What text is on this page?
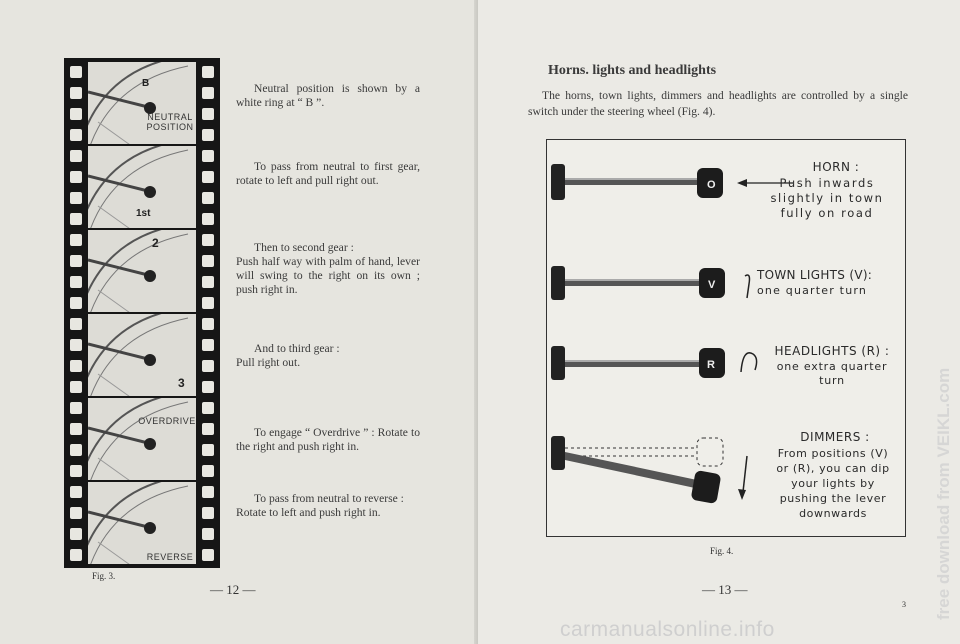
NEUTRAL
POSITION
B
1st
2
3
OVERDRIVE
REVERSE
Fig. 3.

Neutral position is shown by a white ring at “ B ”.

To pass from neutral to first gear, rotate to left and pull right out.

Then to second gear :
Push half way with palm of hand, lever will swing to the right on its own ; push right in.

And to third gear :
Pull right out.

To engage “ Overdrive ” : Rotate to the right and push right in.

To pass from neutral to reverse :
Rotate to left and push right in.

— 12 —
Horns. lights and headlights
The horns, town lights, dimmers and headlights are controlled by a single switch under the steering wheel (Fig. 4).
O
V
R
HORN :
Push inwards
slightly in town
fully on road
TOWN LIGHTS (V):
one quarter turn
HEADLIGHTS (R) :
one extra quarter
turn
DIMMERS :
From positions (V)
or (R), you can dip
your lights by
pushing the lever
downwards
Fig. 4.
— 13 —
3 free download from VEIKL.com
carmanualsonline.info
